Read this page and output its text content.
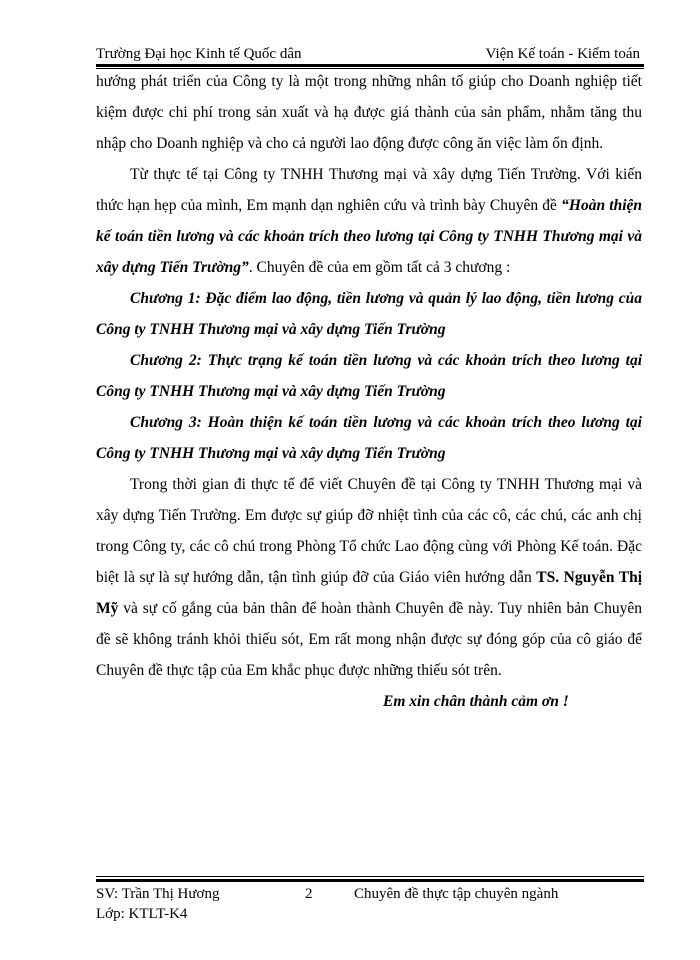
Trường Đại học Kinh tế Quốc dân	Viện Kế toán - Kiểm toán

hướng phát triển của Công ty là một trong những nhân tố giúp cho Doanh nghiệp tiết kiệm được chi phí trong sản xuất và hạ được giá thành của sản phẩm, nhằm tăng thu nhập cho Doanh nghiệp và cho cả người lao động được công ăn việc làm ổn định.

Từ thực tế tại Công ty TNHH Thương mại và xây dựng Tiến Trường. Với kiến thức hạn hẹp của mình, Em mạnh dạn nghiên cứu và trình bày Chuyên đề “Hoàn thiện kế toán tiền lương và các khoản trích theo lương tại Công ty TNHH Thương mại và xây dựng Tiến Trường”. Chuyên đề của em gồm tất cả 3 chương :

Chương 1: Đặc điểm lao động, tiền lương và quản lý lao động, tiền lương của Công ty TNHH Thương mại và xây dựng Tiến Trường

Chương 2: Thực trạng kế toán tiền lương và các khoản trích theo lương tại Công ty TNHH Thương mại và xây dựng Tiến Trường

Chương 3: Hoàn thiện kế toán tiền lương và các khoản trích theo lương tại Công ty TNHH Thương mại và xây dựng Tiến Trường

Trong thời gian đi thực tế để viết Chuyên đề tại Công ty TNHH Thương mại và xây dựng Tiến Trường. Em được sự giúp đỡ nhiệt tình của các cô, các chú, các anh chị trong Công ty, các cô chú trong Phòng Tổ chức Lao động cùng với Phòng Kế toán. Đặc biệt là sự là sự hướng dẫn, tận tình giúp đỡ của Giáo viên hướng dẫn TS. Nguyễn Thị Mỹ và sự cố gắng của bản thân để hoàn thành Chuyên đề này. Tuy nhiên bản Chuyên đề sẽ không tránh khỏi thiếu sót, Em rất mong nhận được sự đóng góp của cô giáo để Chuyên đề thực tập của Em khắc phục được những thiếu sót trên.

Em xin chân thành cảm ơn !

SV: Trần Thị Hương	2	Chuyên đề thực tập chuyên ngành
Lớp: KTLT-K4
